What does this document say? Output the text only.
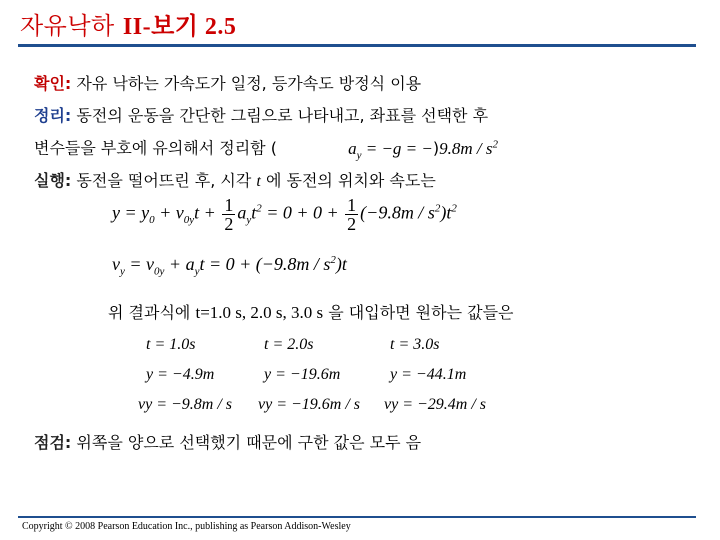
자유낙하 II-보기 2.5
확인: 자유 낙하는 가속도가 일정, 등가속도 방정식 이용
정리: 동전의 운동을 간단한 그림으로 나타내고, 좌표를 선택한 후
변수들을 부호에 유의해서 정리함 (	$a_y = -g = -)9.8m / s^2$
실행: 동전을 떨어뜨린 후, 시각 t 에 동전의 위치와 속도는
$y = y_0 + v_{0y}t + \frac{1}{2} a_yt^2 = 0 + 0 + \frac{1}{2} (-9.8m / s^2)t^2$
$v_y = v_{0y} + a_yt = 0 + (-9.8m / s^2)t$
위 결과식에 t=1.0 s, 2.0 s, 3.0 s 을 대입하면 원하는 값들은
t = 1.0s	t = 2.0s	t = 3.0s
y = −4.9m	y = −19.6m	y = −44.1m
vy = −9.8m / s vy = −19.6m / s vy = −29.4m / s
점검: 위쪽을 양으로 선택했기 때문에 구한 값은 모두 음
Copyright © 2008 Pearson Education Inc., publishing as Pearson Addison-Wesley
